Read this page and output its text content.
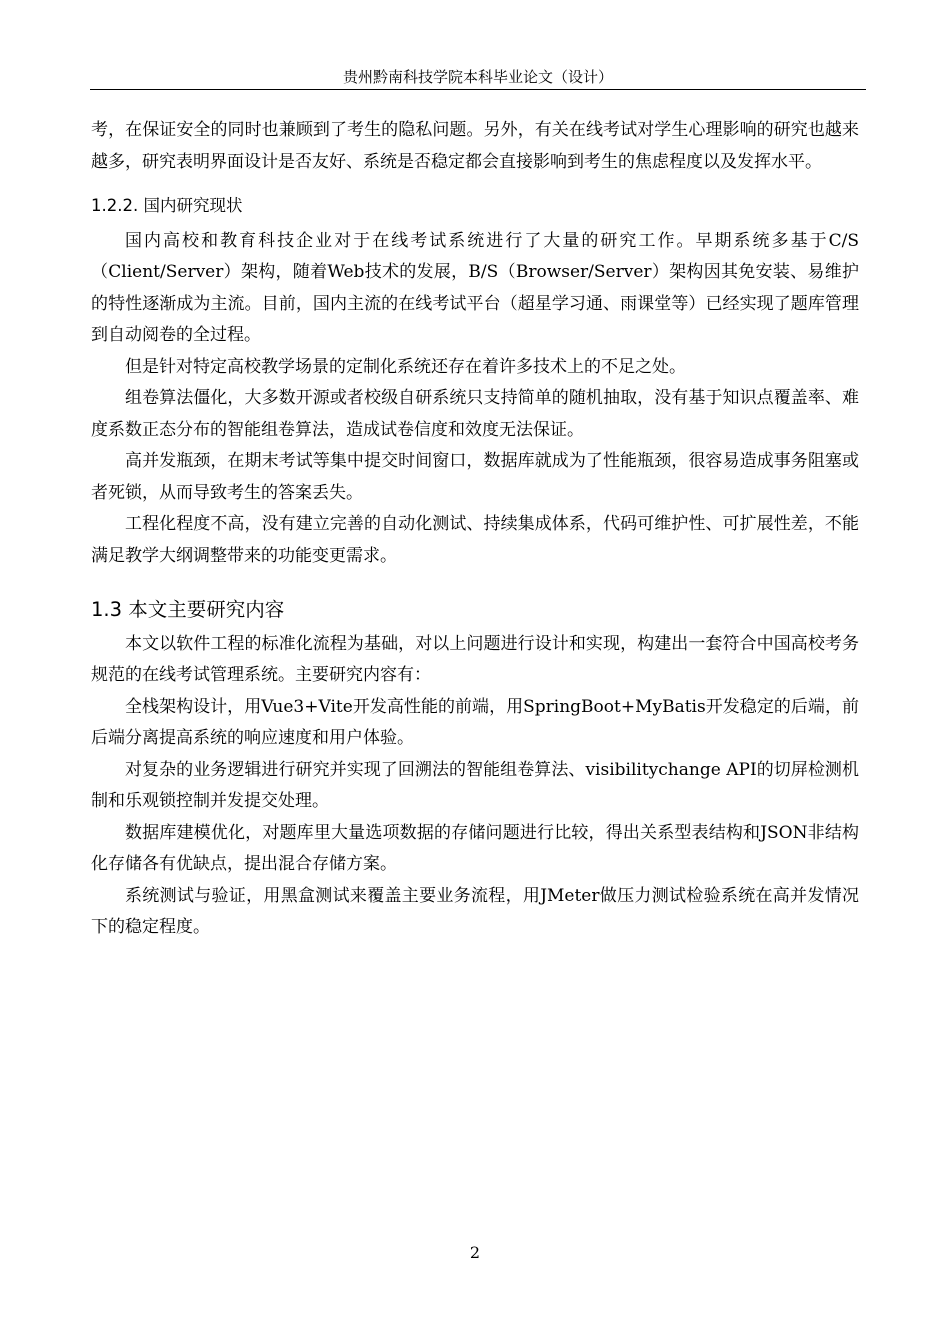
贵州黔南科技学院本科毕业论文（设计）

考，在保证安全的同时也兼顾到了考生的隐私问题。另外，有关在线考试对学生心理影响的研究也越来越多，研究表明界面设计是否友好、系统是否稳定都会直接影响到考生的焦虑程度以及发挥水平。

1.2.2. 国内研究现状

国内高校和教育科技企业对于在线考试系统进行了大量的研究工作。早期系统多基于C/S（Client/Server）架构，随着Web技术的发展，B/S（Browser/Server）架构因其免安装、易维护的特性逐渐成为主流。目前，国内主流的在线考试平台（超星学习通、雨课堂等）已经实现了题库管理到自动阅卷的全过程。

但是针对特定高校教学场景的定制化系统还存在着许多技术上的不足之处。

组卷算法僵化，大多数开源或者校级自研系统只支持简单的随机抽取，没有基于知识点覆盖率、难度系数正态分布的智能组卷算法，造成试卷信度和效度无法保证。

高并发瓶颈，在期末考试等集中提交时间窗口，数据库就成为了性能瓶颈，很容易造成事务阻塞或者死锁，从而导致考生的答案丢失。

工程化程度不高，没有建立完善的自动化测试、持续集成体系，代码可维护性、可扩展性差，不能满足教学大纲调整带来的功能变更需求。

1.3 本文主要研究内容

本文以软件工程的标准化流程为基础，对以上问题进行设计和实现，构建出一套符合中国高校考务规范的在线考试管理系统。主要研究内容有：

全栈架构设计，用Vue3+Vite开发高性能的前端，用SpringBoot+MyBatis开发稳定的后端，前后端分离提高系统的响应速度和用户体验。

对复杂的业务逻辑进行研究并实现了回溯法的智能组卷算法、visibilitychange API的切屏检测机制和乐观锁控制并发提交处理。

数据库建模优化，对题库里大量选项数据的存储问题进行比较，得出关系型表结构和JSON非结构化存储各有优缺点，提出混合存储方案。

系统测试与验证，用黑盒测试来覆盖主要业务流程，用JMeter做压力测试检验系统在高并发情况下的稳定程度。

2
